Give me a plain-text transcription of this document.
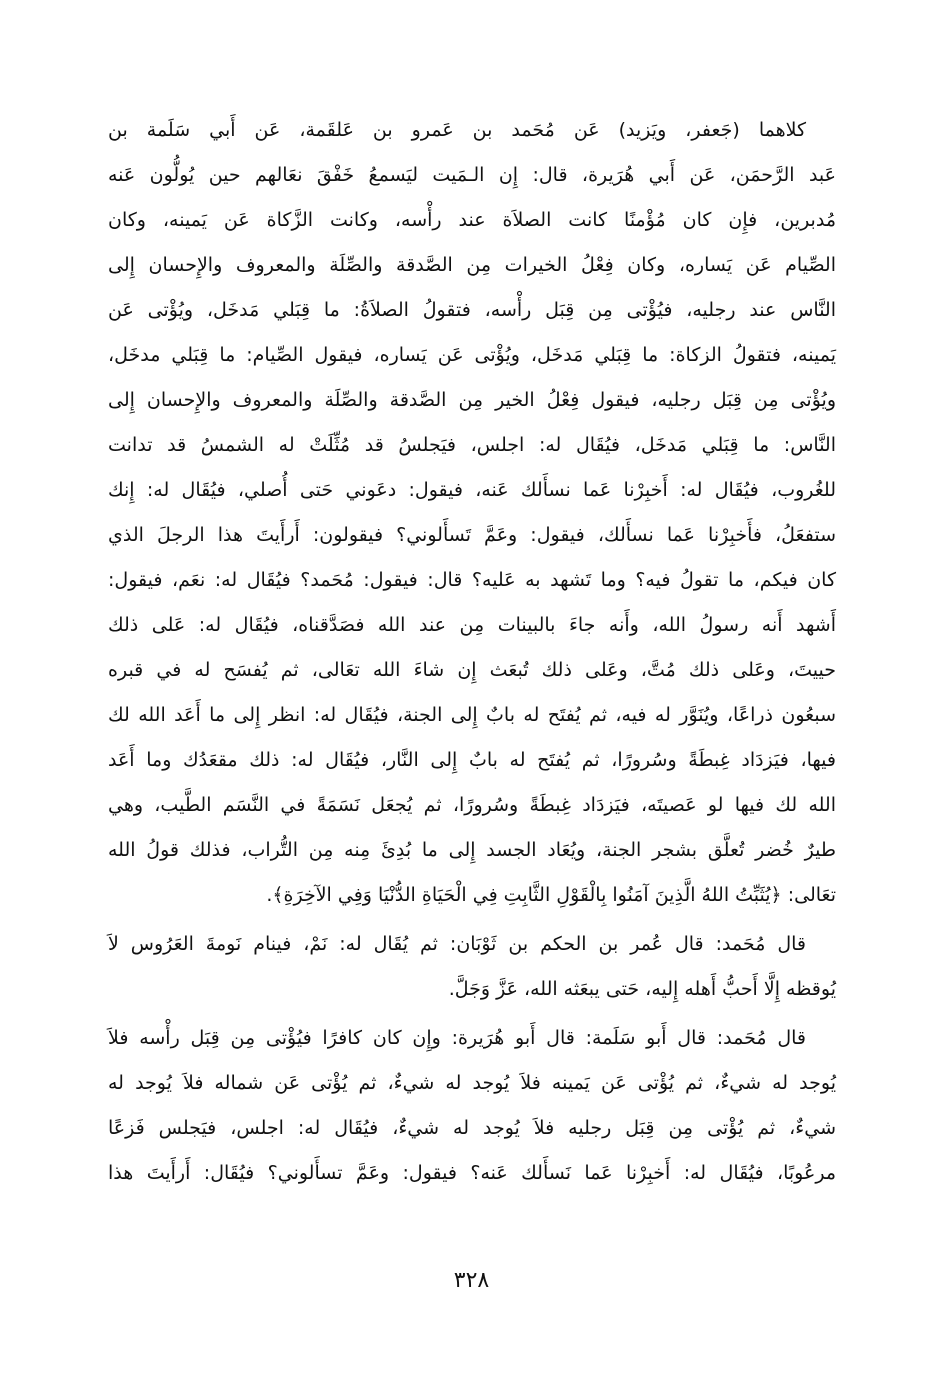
كلاهما (جَعفر، ويَزيد) عَن مُحَمد بن عَمرو بن عَلقَمة، عَن أَبي سَلَمة بن
عَبد الرَّحمَن، عَن أَبي هُرَيرة، قال: إِن الـمَيت ليَسمعُ خَفْقَ نعَالهم حين يُولُّون عَنه
مُدبرين، فإِن كان مُؤْمنًا كانت الصلاَة عند رأْسه، وكانت الزَّكاة عَن يَمينه، وكان
الصِّيام عَن يَساره، وكان فِعْلُ الخيرات مِن الصَّدقة والصِّلَة والمعروف والإِحسان إِلى
النَّاس عند رجليه، فيُؤْتى مِن قِبَل رأْسه، فتقولُ الصلاَةُ: ما قِبَلي مَدخَل، ويُؤْتى عَن
يَمينه، فتقولُ الزكاة: ما قِبَلي مَدخَل، ويُؤْتى عَن يَساره، فيقول الصِّيام: ما قِبَلي مدخَل،
ويُؤْتى مِن قِبَل رجليه، فيقول فِعْلُ الخير مِن الصَّدقة والصِّلَة والمعروف والإِحسان إِلى
النَّاس: ما قِبَلي مَدخَل، فيُقَال له: اجلس، فيَجلسُ قد مُثِّلَتْ له الشمسُ قد تدانت
للغُروب، فيُقَال له: أَخبِرْنا عَما نسأَلك عَنه، فيقول: دعَوني حَتى أُصلي، فيُقَال له: إِنك
ستفعَلُ، فأَخبِرْنا عَما نسأَلك، فيقول: وعَمَّ تَسأَلوني؟ فيقولون: أَرأَيتَ هذا الرجلَ الذي
كان فيكم، ما تقولُ فيه؟ وما تَشهد به عَليه؟ قال: فيقول: مُحَمد؟ فيُقَال له: نعَم، فيقول:
أَشهد أَنه رسولُ الله، وأَنه جاءَ بالبينات مِن عند الله فصَدَّقناه، فيُقَال له: عَلى ذلك
حييتَ، وعَلى ذلك مُتَّ، وعَلى ذلك تُبعَث إِن شاءَ الله تعَالى، ثم يُفسَح له في قبره
سبعُون ذراعًا، ويُنَوَّر له فيه، ثم يُفتَح له بابٌ إِلى الجنة، فيُقَال له: انظر إِلى ما أَعَد الله لك
فيها، فيَزدَاد غِبطَةً وسُرورًا، ثم يُفتَح له بابٌ إِلى النَّار، فيُقَال له: ذلك مقعَدُك وما أَعَد
الله لك فيها لو عَصيتَه، فيَزدَاد غِبطَةً وسُرورًا، ثم يُجعَل نَسَمَةً في النَّسَم الطَّيب، وهي
طيرٌ خُضر تُعلَّق بشجر الجنة، ويُعَاد الجسد إِلى ما بُدِئَ مِنه مِن التُّراب، فذلك قولُ الله
تعَالى: ﴿يُثَبِّتُ اللهُ الَّذِينَ آمَنُوا بِالْقَوْلِ الثَّابِتِ فِي الْحَيَاةِ الدُّنْيَا وَفِي الآخِرَةِ﴾.
قال مُحَمد: قال عُمر بن الحكم بن ثَوْبَان: ثم يُقَال له: نَمْ، فينام نَومةَ العَرُوس لاَ
يُوقظه إِلَّا أَحبُّ أَهله إِليه، حَتى يبعَثه الله، عَزَّ وَجَلَّ.
قال مُحَمد: قال أَبو سَلَمة: قال أَبو هُرَيرة: وإِن كان كافرًا فيُؤْتى مِن قِبَل رأْسه فلاَ
يُوجد له شيءٌ، ثم يُؤْتى عَن يَمينه فلاَ يُوجد له شيءٌ، ثم يُؤْتى عَن شماله فلاَ يُوجد له
شيءٌ، ثم يُؤْتى مِن قِبَل رجليه فلاَ يُوجد له شيءٌ، فيُقَال له: اجلس، فيَجلس فَزعًا
مرعُوبًا، فيُقَال له: أَخبِرْنا عَما نَسأَلك عَنه؟ فيقول: وعَمَّ تسأَلوني؟ فيُقَال: أَرأَيتَ هذا
٣٢٨
